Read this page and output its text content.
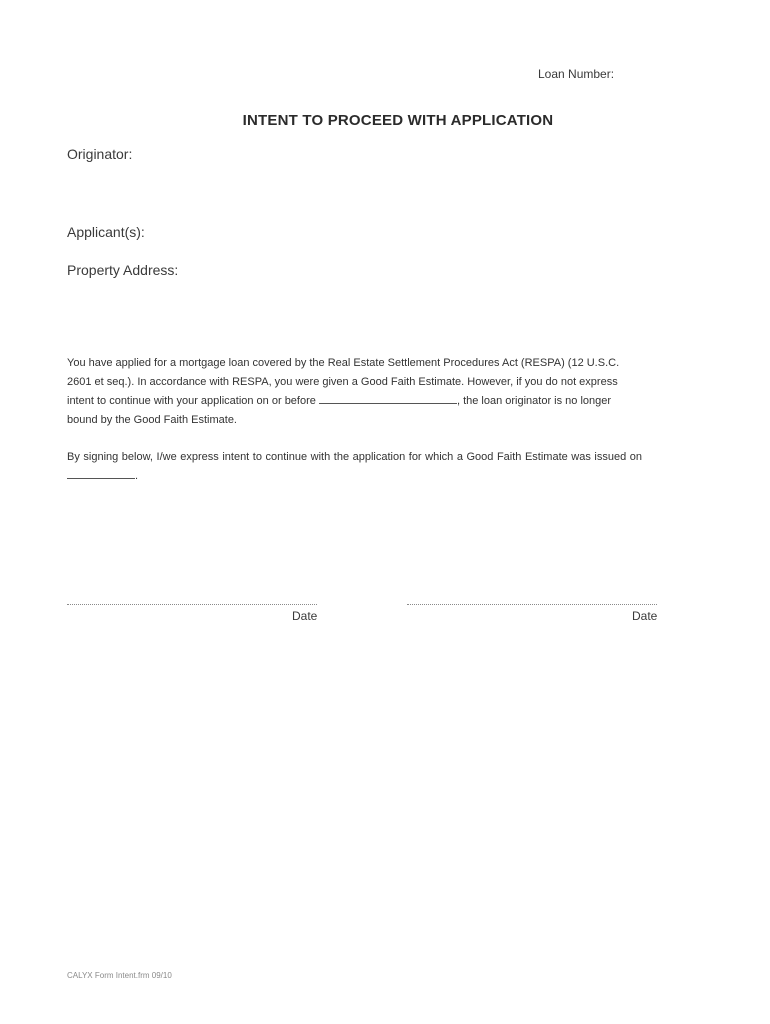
Loan Number:
INTENT TO PROCEED WITH APPLICATION
Originator:
Applicant(s):
Property Address:
You have applied for a mortgage loan covered by the Real Estate Settlement Procedures Act (RESPA) (12 U.S.C. 2601 et seq.). In accordance with RESPA, you were given a Good Faith Estimate. However, if you do not express intent to continue with your application on or before	, the loan originator is no longer bound by the Good Faith Estimate.
By signing below, I/we express intent to continue with the application for which a Good Faith Estimate was issued on .
Date	Date
CALYX Form Intent.frm 09/10
